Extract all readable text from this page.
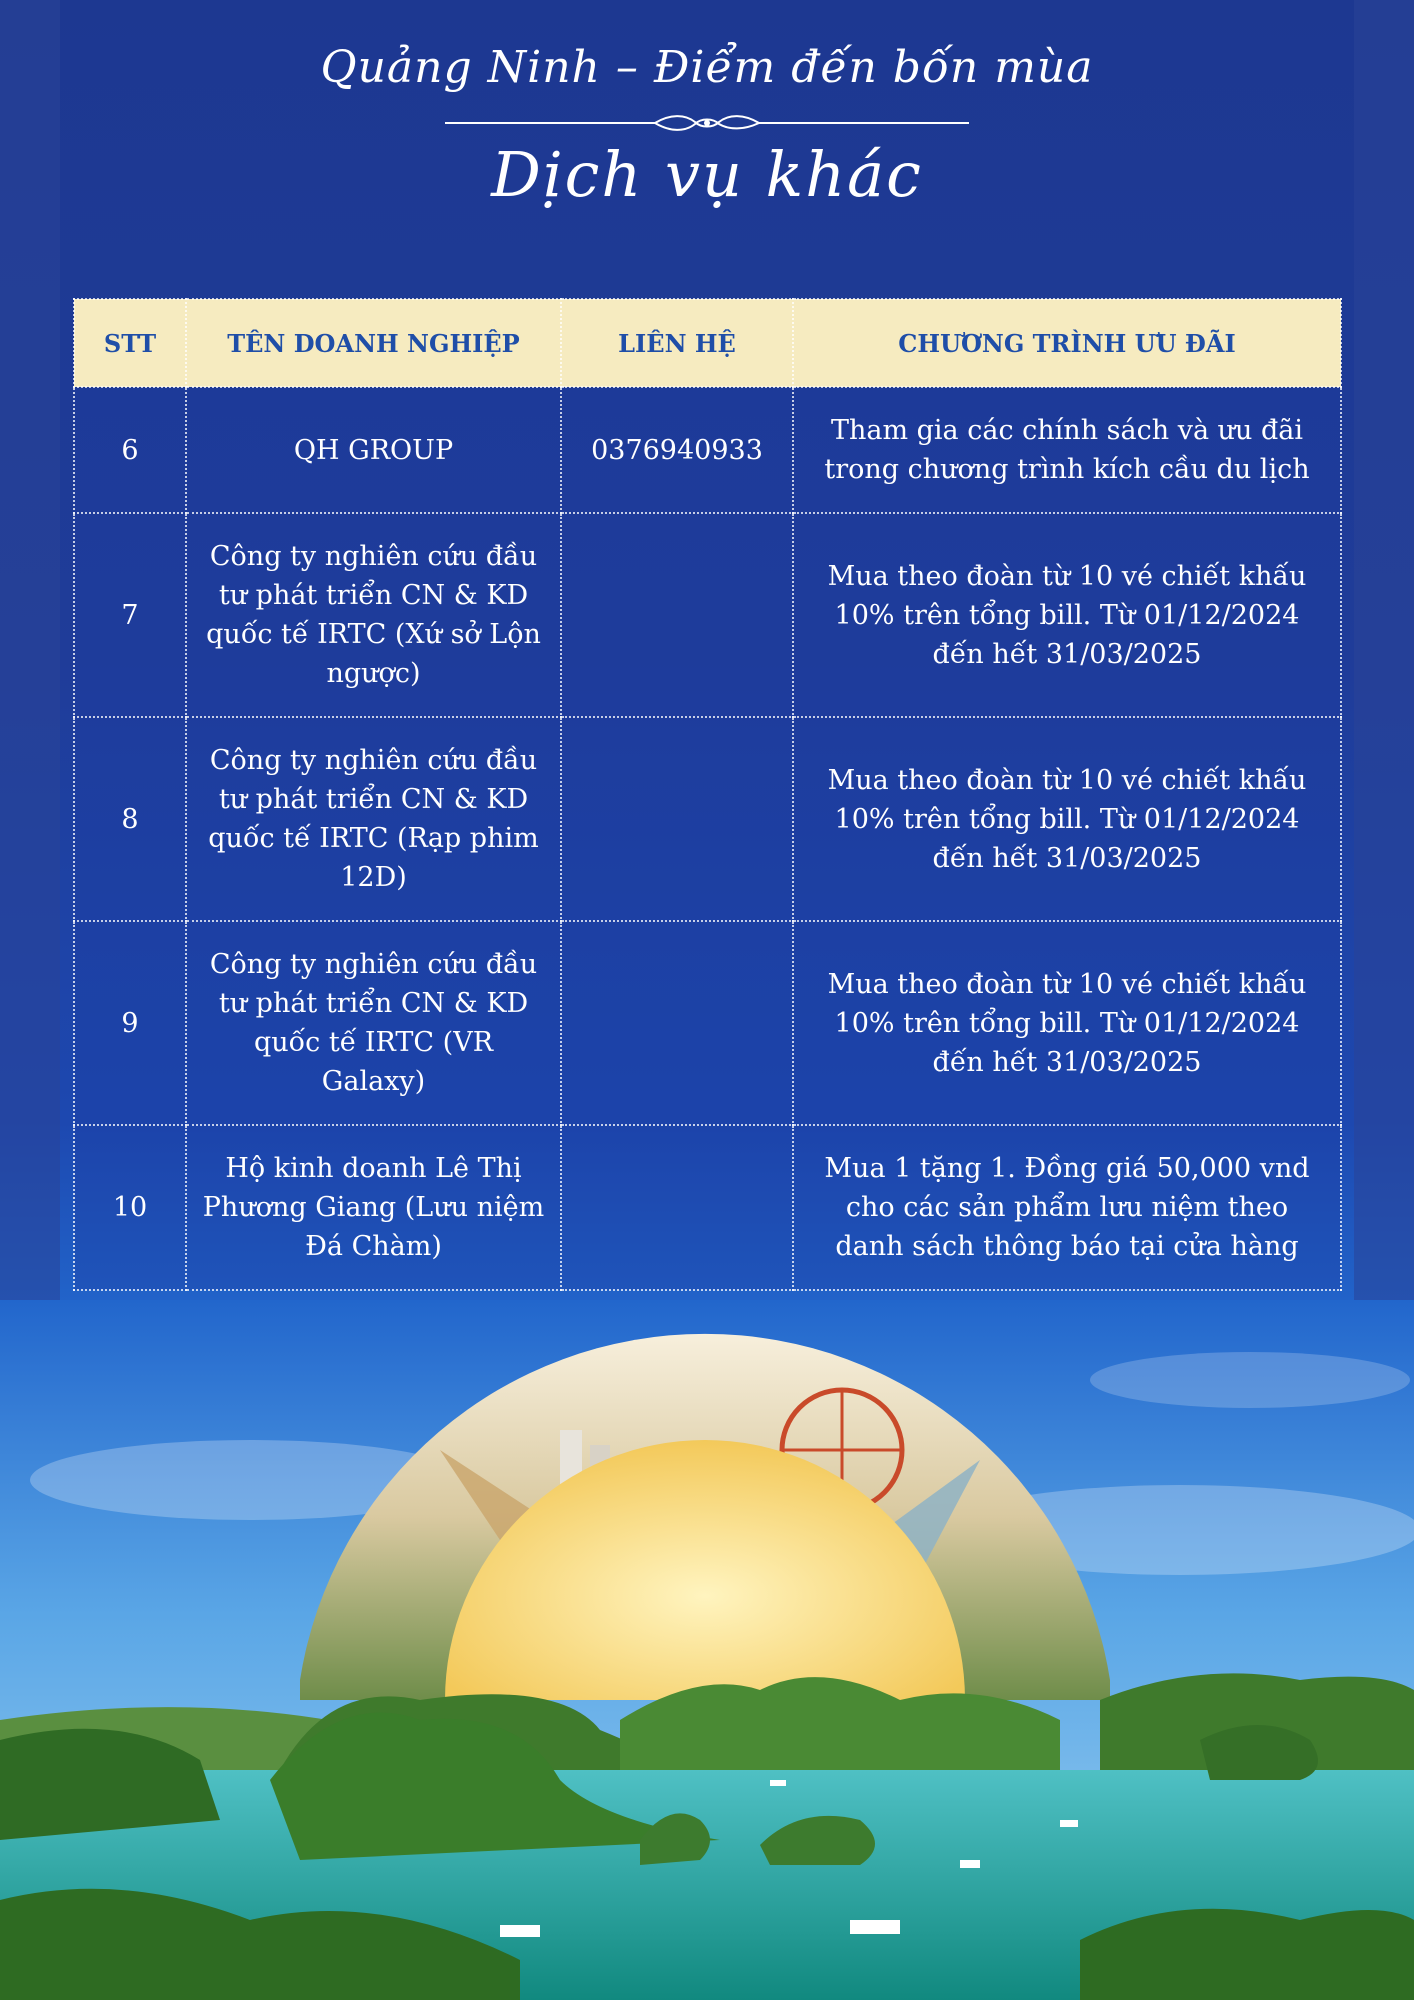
Quảng Ninh – Điểm đến bốn mùa
Dịch vụ khác
STT	TÊN DOANH NGHIỆP	LIÊN HỆ	CHƯƠNG TRÌNH ƯU ĐÃI
6	QH GROUP	0376940933	Tham gia các chính sách và ưu đãi trong chương trình kích cầu du lịch
7	Công ty nghiên cứu đầu tư phát triển CN & KD quốc tế IRTC (Xứ sở Lộn ngược)		Mua theo đoàn từ 10 vé chiết khấu 10% trên tổng bill. Từ 01/12/2024 đến hết 31/03/2025
8	Công ty nghiên cứu đầu tư phát triển CN & KD quốc tế IRTC (Rạp phim 12D)		Mua theo đoàn từ 10 vé chiết khấu 10% trên tổng bill. Từ 01/12/2024 đến hết 31/03/2025
9	Công ty nghiên cứu đầu tư phát triển CN & KD quốc tế IRTC (VR Galaxy)		Mua theo đoàn từ 10 vé chiết khấu 10% trên tổng bill. Từ 01/12/2024 đến hết 31/03/2025
10	Hộ kinh doanh Lê Thị Phương Giang (Lưu niệm Đá Chàm)		Mua 1 tặng 1. Đồng giá 50,000 vnd cho các sản phẩm lưu niệm theo danh sách thông báo tại cửa hàng
